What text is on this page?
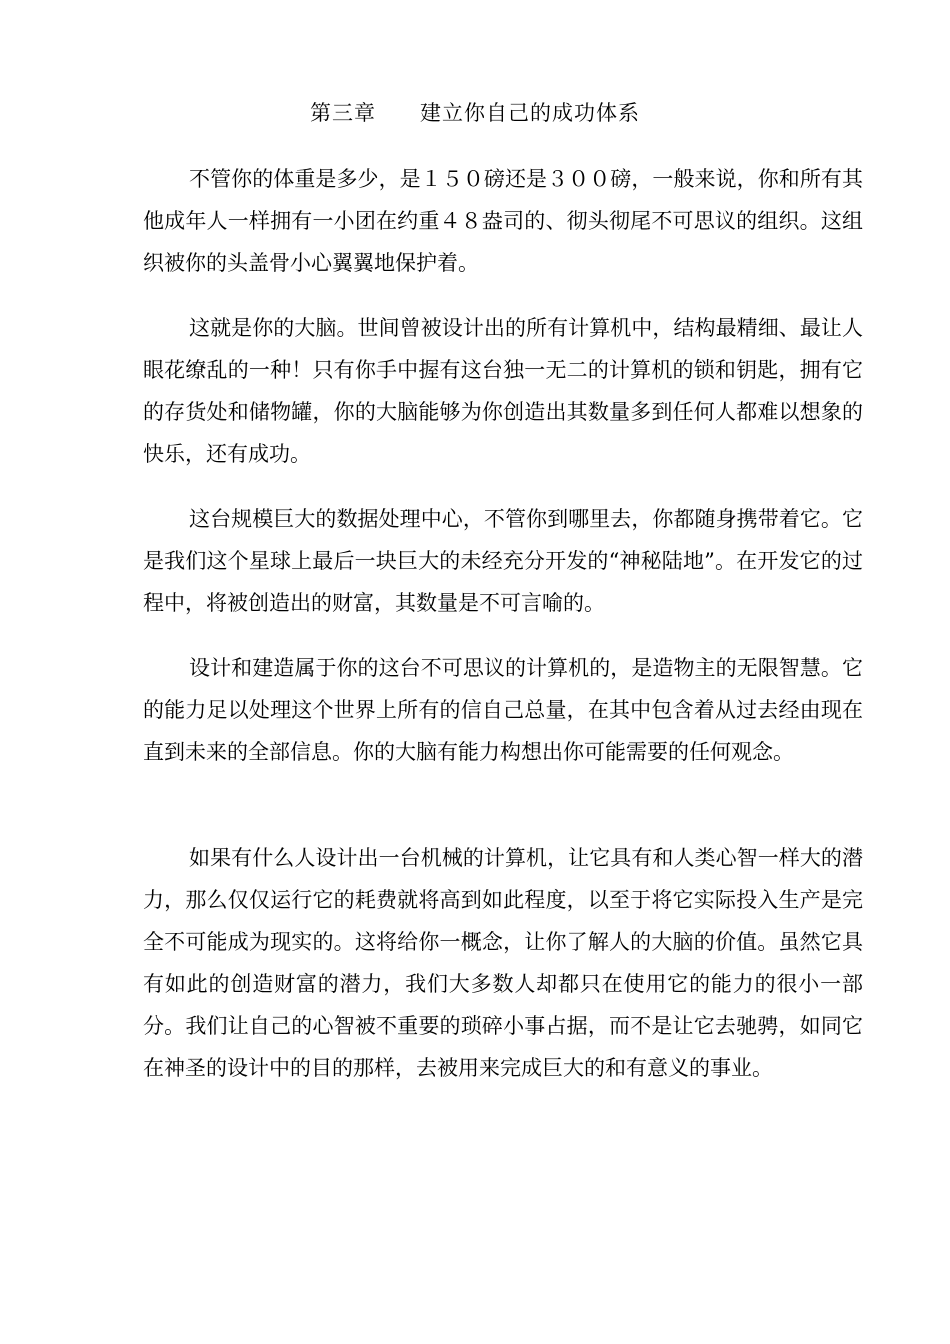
第三章　　建立你自己的成功体系

不管你的体重是多少，是１５０磅还是３００磅，一般来说，你和所有其他成年人一样拥有一小团在约重４８盎司的、彻头彻尾不可思议的组织。这组织被你的头盖骨小心翼翼地保护着。

这就是你的大脑。世间曾被设计出的所有计算机中，结构最精细、最让人眼花缭乱的一种！只有你手中握有这台独一无二的计算机的锁和钥匙，拥有它的存货处和储物罐，你的大脑能够为你创造出其数量多到任何人都难以想象的快乐，还有成功。

这台规模巨大的数据处理中心，不管你到哪里去，你都随身携带着它。它是我们这个星球上最后一块巨大的未经充分开发的“神秘陆地”。在开发它的过程中，将被创造出的财富，其数量是不可言喻的。

设计和建造属于你的这台不可思议的计算机的，是造物主的无限智慧。它的能力足以处理这个世界上所有的信自己总量，在其中包含着从过去经由现在直到未来的全部信息。你的大脑有能力构想出你可能需要的任何观念。

如果有什么人设计出一台机械的计算机，让它具有和人类心智一样大的潜力，那么仅仅运行它的耗费就将高到如此程度，以至于将它实际投入生产是完全不可能成为现实的。这将给你一概念，让你了解人的大脑的价值。虽然它具有如此的创造财富的潜力，我们大多数人却都只在使用它的能力的很小一部分。我们让自己的心智被不重要的琐碎小事占据，而不是让它去驰骋，如同它在神圣的设计中的目的那样，去被用来完成巨大的和有意义的事业。
